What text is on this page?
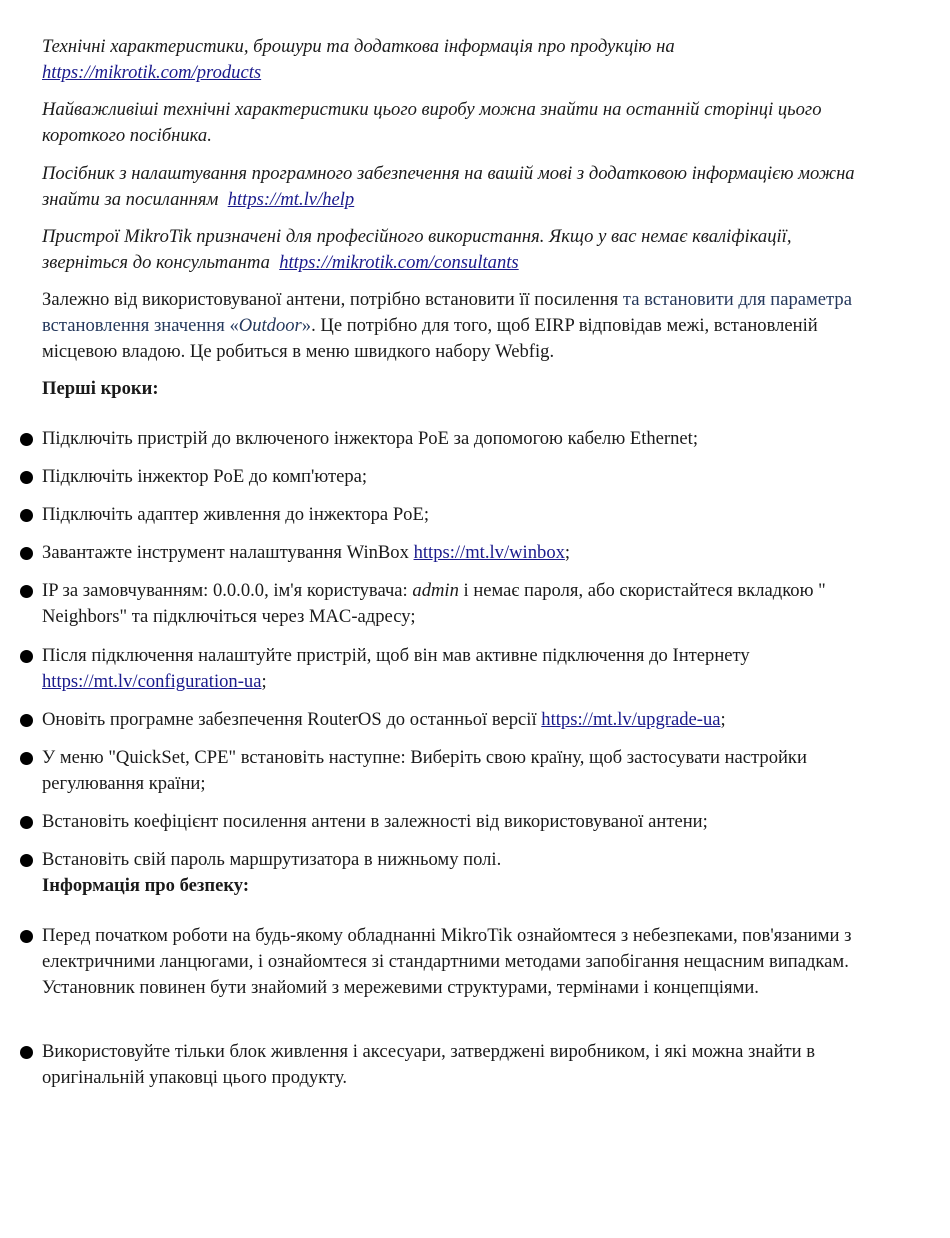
Технічні характеристики, брошури та додаткова інформація про продукцію на  https://mikrotik.com/products

Найважливіші технічні характеристики цього виробу можна знайти на останній сторінці цього короткого посібника.

Посібник з налаштування програмного забезпечення на вашій мові з додатковою інформацією можна знайти за посиланням https://mt.lv/help

Пристрої MikroTik призначені для професійного використання. Якщо у вас немає кваліфікації, зверніться до консультанта https://mikrotik.com/consultants

Залежно від використовуваної антени, потрібно встановити її посилення та встановити для параметра встановлення значення «Outdoor». Це потрібно для того, щоб EIRP відповідав межі, встановленій місцевою владою. Це робиться в меню швидкого набору Webfig.

Перші кроки:

Підключіть пристрій до включеного інжектора PoE за допомогою кабелю Ethernet;
Підключіть інжектор PoE до комп'ютера;
Підключіть адаптер живлення до інжектора PoE;
Завантажте інструмент налаштування WinBox https://mt.lv/winbox;
IP за замовчуванням: 0.0.0.0, ім'я користувача: admin і немає пароля, або скористайтеся вкладкою " Neighbors" та підключіться через MAC-адресу;
Після підключення налаштуйте пристрій, щоб він мав активне підключення до Інтернету https://mt.lv/configuration-ua;
Оновіть програмне забезпечення RouterOS до останньої версії https://mt.lv/upgrade-ua;
У меню "QuickSet, CPE" встановіть наступне: Виберіть свою країну, щоб застосувати настройки регулювання країни;
Встановіть коефіцієнт посилення антени в залежності від використовуваної антени;
Встановіть свій пароль маршрутизатора в нижньому полі.

Інформація про безпеку:

Перед початком роботи на будь-якому обладнанні MikroTik ознайомтеся з небезпеками, пов'язаними з електричними ланцюгами, і ознайомтеся зі стандартними методами запобігання нещасним випадкам. Установник повинен бути знайомий з мережевими структурами, термінами і концепціями.
Використовуйте тільки блок живлення і аксесуари, затверджені виробником, і які можна знайти в оригінальній упаковці цього продукту.
